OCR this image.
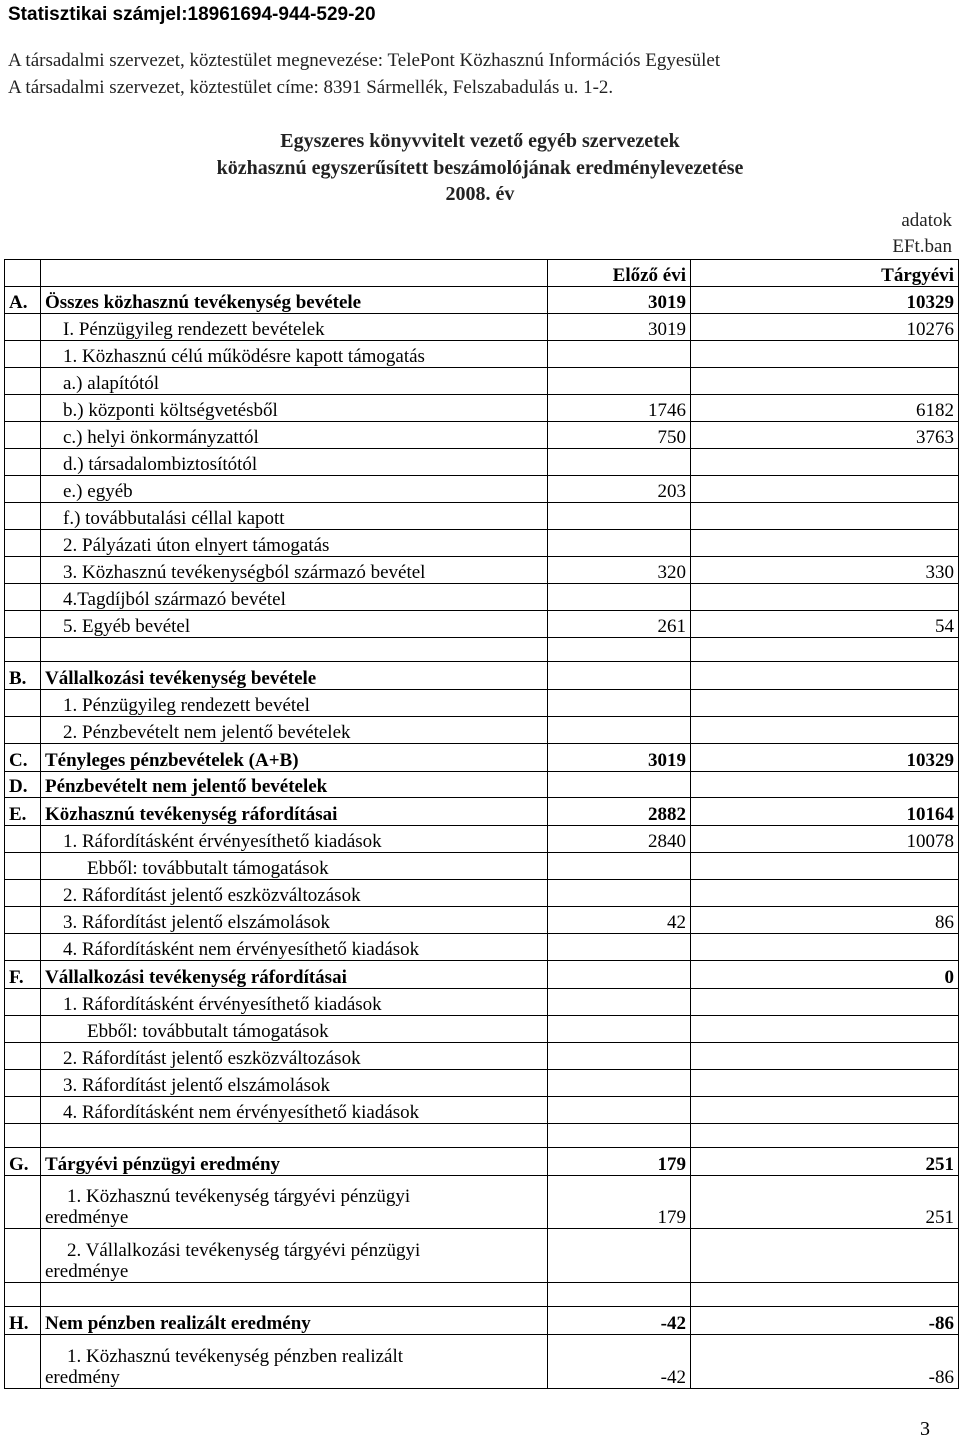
Statisztikai számjel:18961694-944-529-20
A társadalmi szervezet, köztestület megnevezése: TelePont Közhasznú Információs Egyesület
A társadalmi szervezet, köztestület címe: 8391 Sármellék, Felszabadulás u. 1-2.
Egyszeres könyvvitelt vezető egyéb szervezetek
közhasznú egyszerűsített beszámolójának eredménylevezetése
2008. év
adatok
EFt.ban
		Előző évi	Tárgyévi
A.	Összes közhasznú tevékenység bevétele	3019	10329
	I. Pénzügyileg rendezett bevételek	3019	10276
	1. Közhasznú célú működésre kapott támogatás		
	a.) alapítótól		
	b.) központi költségvetésből	1746	6182
	c.) helyi önkormányzattól	750	3763
	d.) társadalombiztosítótól		
	e.) egyéb	203	
	f.) továbbutalási céllal kapott		
	2. Pályázati úton elnyert támogatás		
	3. Közhasznú tevékenységból származó bevétel	320	330
	4.Tagdíjból származó bevétel		
	5. Egyéb bevétel	261	54

B.	Vállalkozási tevékenység bevétele		
	1. Pénzügyileg rendezett bevétel		
	2. Pénzbevételt nem jelentő bevételek		
C.	Tényleges pénzbevételek (A+B)	3019	10329
D.	Pénzbevételt nem jelentő bevételek		
E.	Közhasznú tevékenység ráfordításai	2882	10164
	1. Ráfordításként érvényesíthető kiadások	2840	10078
	Ebből: továbbutalt támogatások		
	2. Ráfordítást jelentő eszközváltozások		
	3. Ráfordítást jelentő elszámolások	42	86
	4. Ráfordításként nem érvényesíthető kiadások		
F.	Vállalkozási tevékenység ráfordításai		0
	1. Ráfordításként érvényesíthető kiadások		
	Ebből: továbbutalt támogatások		
	2. Ráfordítást jelentő eszközváltozások		
	3. Ráfordítást jelentő elszámolások		
	4. Ráfordításként nem érvényesíthető kiadások		

G.	Tárgyévi pénzügyi eredmény	179	251

	1. Közhasznú tevékenység tárgyévi pénzügyi
eredménye	179	251

	2. Vállalkozási tevékenység tárgyévi pénzügyi
eredménye		

H.	Nem pénzben realizált eredmény	-42	-86

	1. Közhasznú tevékenység pénzben realizált
eredmény	-42	-86
3
